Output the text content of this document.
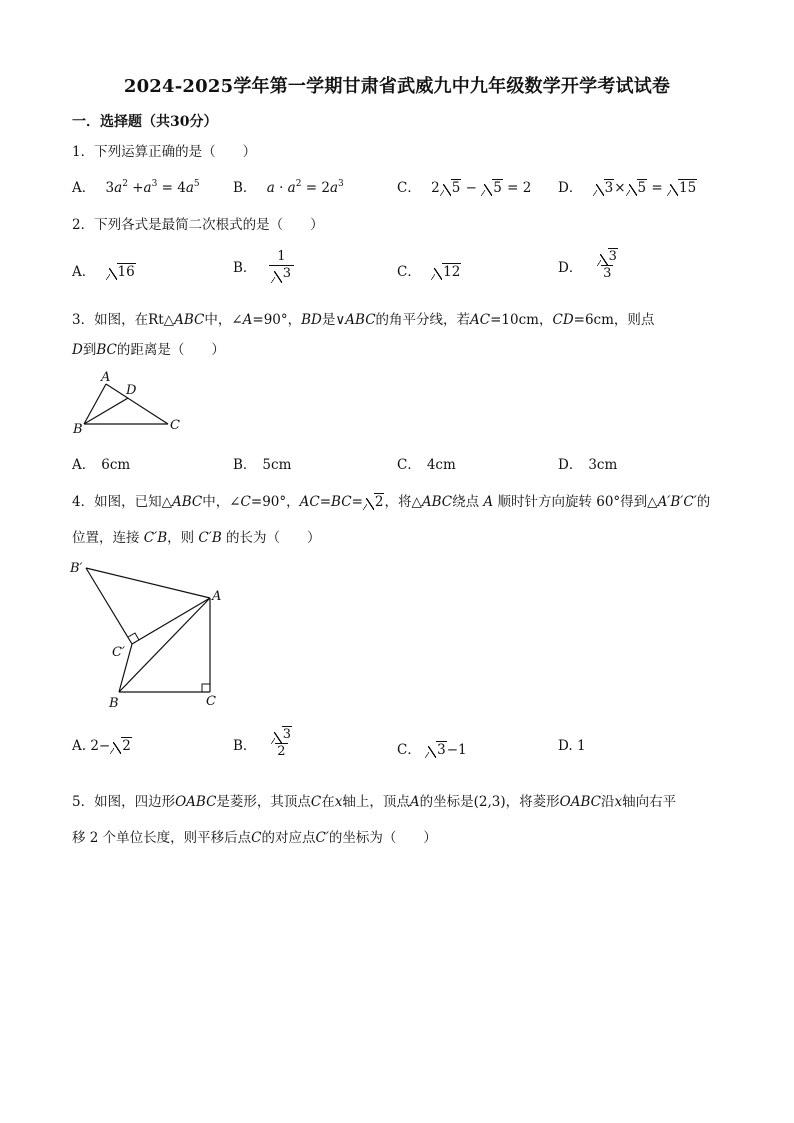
2024-2025学年第一学期甘肃省武威九中九年级数学开学考试试卷
一．选择题（共30分）
1．下列运算正确的是（　　）
A． $3a^2 +a^3 = 4a^5$ B． $a \cdot a^2 = 2a^3$	C． 2 5 − 5 = 2 D． 3× 5 = 15
2．下列各式是最简二次根式的是（　　）
A． 16	B． $\frac{1}{3}$	C． 12	D． $\frac{3}{3}$
3．如图，在Rt△ABC中，∠A=90°，BD是∨ABC的角平分线，若AC=10cm，CD=6cm，则点
D到BC的距离是（　　）
A
D
B	C
A． 6cm	B． 5cm	C． 4cm	D． 3cm
4．如图，已知△ABC中，∠C=90°，AC=BC= 2，将△ABC绕点 A 顺时针方向旋转 60°得到△A′B′C′的
位置，连接 C′B，则 C′B 的长为（　　）
B′
A
C′
B	C
A. 2− 2	B． $\frac{3}{2}$	C． 3−1	D. 1
5．如图，四边形OABC是菱形，其顶点C在x轴上，顶点A的坐标是(2,3)，将菱形OABC沿x轴向右平
移 2 个单位长度，则平移后点C的对应点C′的坐标为（　　）
